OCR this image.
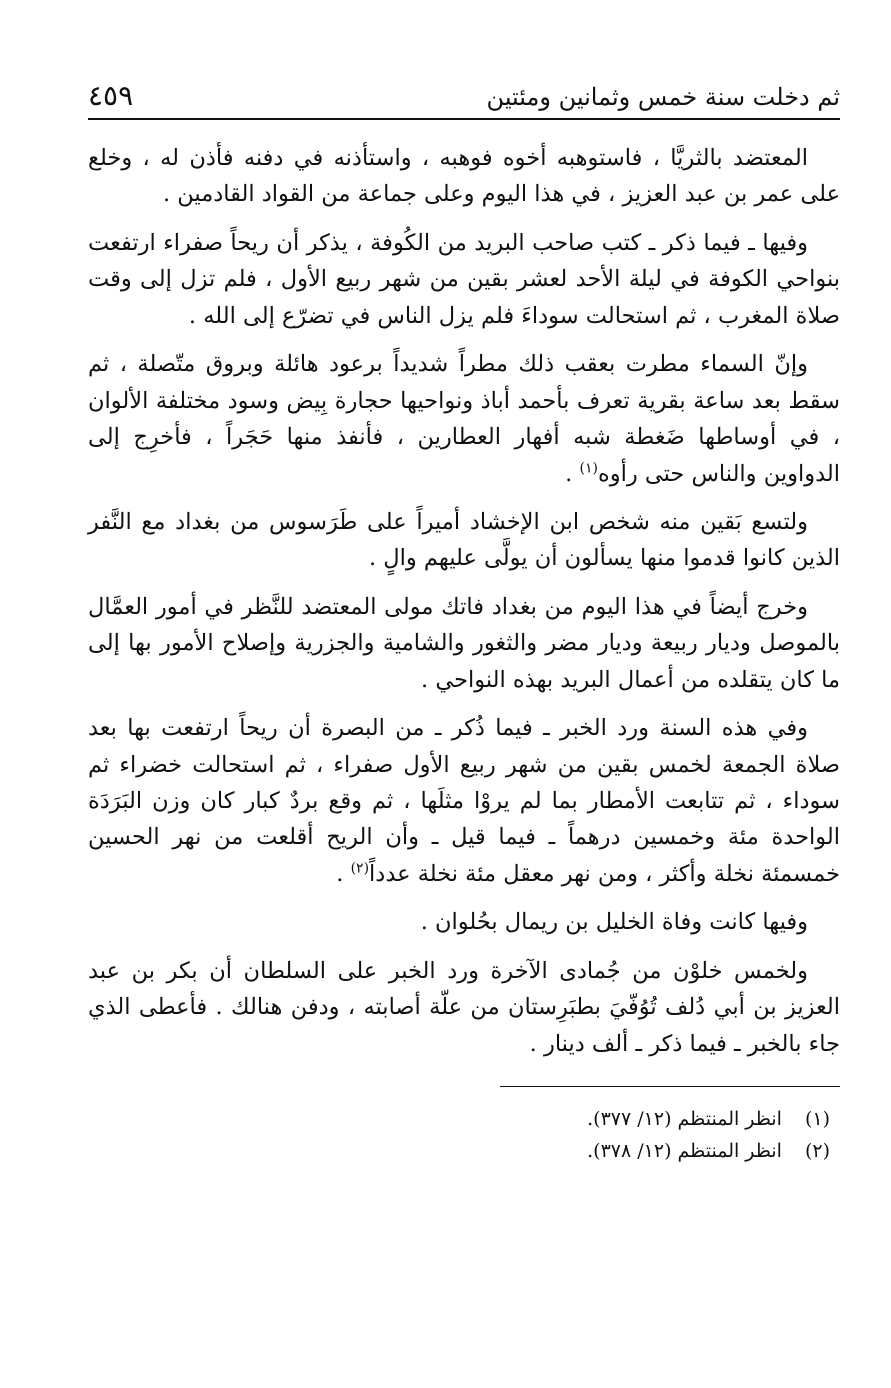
ثم دخلت سنة خمس وثمانين ومئتين
٤٥٩

المعتضد بالثريَّا ، فاستوهبه أخوه فوهبه ، واستأذنه في دفنه فأذن له ، وخلع على عمر بن عبد العزيز ، في هذا اليوم وعلى جماعة من القواد القادمين .

وفيها ـ فيما ذكر ـ كتب صاحب البريد من الكُوفة ، يذكر أن ريحاً صفراء ارتفعت بنواحي الكوفة في ليلة الأحد لعشر بقين من شهر ربيع الأول ، فلم تزل إلى وقت صلاة المغرب ، ثم استحالت سوداءَ فلم يزل الناس في تضرّع إلى الله .

وإنّ السماء مطرت بعقب ذلك مطراً شديداً برعود هائلة وبروق متّصلة ، ثم سقط بعد ساعة بقرية تعرف بأحمد أباذ ونواحيها حجارة بِيض وسود مختلفة الألوان ، في أوساطها ضَغطة شبه أفهار العطارين ، فأنفذ منها حَجَراً ، فأخرِج إلى الدواوين والناس حتى رأوه$^{(١)}$ .

ولتسع بَقين منه شخص ابن الإخشاد أميراً على طَرَسوس من بغداد مع النَّفر الذين كانوا قدموا منها يسألون أن يولَّى عليهم والٍ .

وخرج أيضاً في هذا اليوم من بغداد فاتك مولى المعتضد للنَّظر في أمور العمَّال بالموصل وديار ربيعة وديار مضر والثغور والشامية والجزرية وإصلاح الأمور بها إلى ما كان يتقلده من أعمال البريد بهذه النواحي .

وفي هذه السنة ورد الخبر ـ فيما ذُكر ـ من البصرة أن ريحاً ارتفعت بها بعد صلاة الجمعة لخمس بقين من شهر ربيع الأول صفراء ، ثم استحالت خضراء ثم سوداء ، ثم تتابعت الأمطار بما لم يروْا مثلَها ، ثم وقع بردٌ كبار كان وزن البَرَدَة الواحدة مئة وخمسين درهماً ـ فيما قيل ـ وأن الريح أقلعت من نهر الحسين خمسمئة نخلة وأكثر ، ومن نهر معقل مئة نخلة عدداً$^{(٢)}$ .

وفيها كانت وفاة الخليل بن ريمال بحُلوان .

ولخمس خلوْن من جُمادى الآخرة ورد الخبر على السلطان أن بكر بن عبد العزيز بن أبي دُلف تُوُفّيَ بطبَرِستان من علّة أصابته ، ودفن هنالك . فأعطى الذي جاء بالخبر ـ فيما ذكر ـ ألف دينار .

(١) انظر المنتظم (١٢/ ٣٧٧).
(٢) انظر المنتظم (١٢/ ٣٧٨).
